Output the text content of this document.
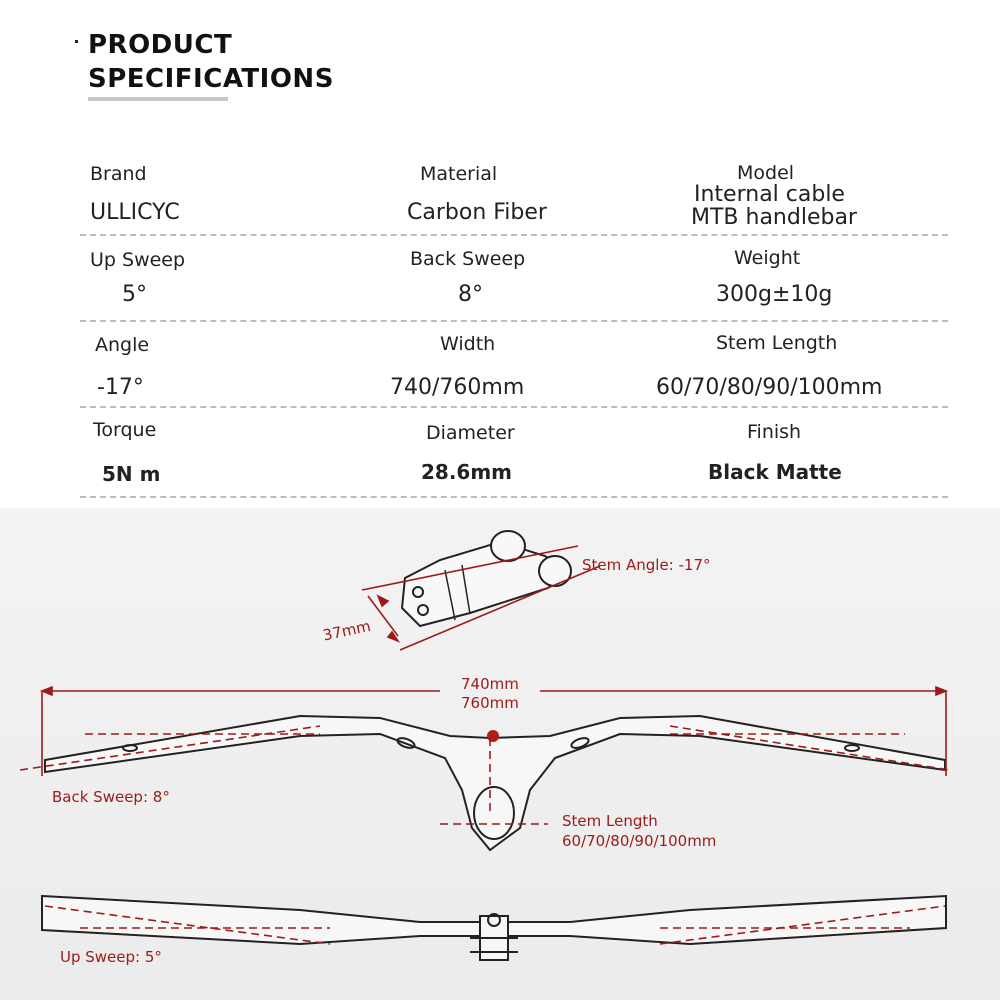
PRODUCT
SPECIFICATIONS
Brand
ULLICYC
Material
Carbon Fiber
Model
Internal cable
MTB handlebar
Up Sweep
5°
Back Sweep
8°
Weight
300g±10g
Angle
-17°
Width
740/760mm
Stem Length
60/70/80/90/100mm
Torque
5N m
Diameter
28.6mm
Finish
Black Matte
Stem Angle: -17°
37mm
740mm
760mm
Back Sweep: 8°
Stem Length
60/70/80/90/100mm
Up Sweep: 5°
